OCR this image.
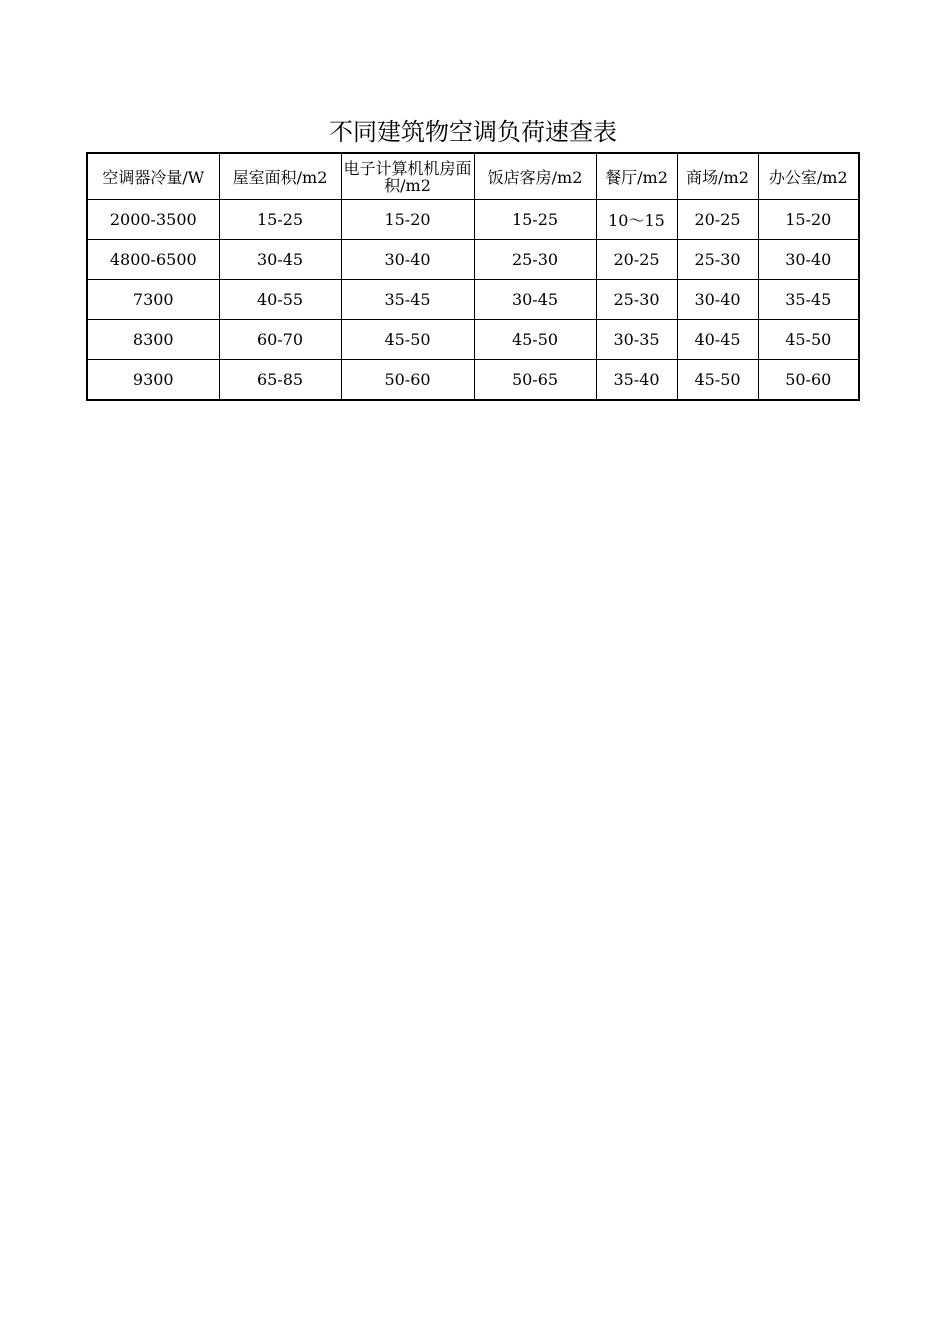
不同建筑物空调负荷速查表
空调器冷量/W	屋室面积/m2	电子计算机机房面积/m2	饭店客房/m2	餐厅/m2	商场/m2	办公室/m2
2000-3500	15-25	15-20	15-25	10～15	20-25	15-20
4800-6500	30-45	30-40	25-30	20-25	25-30	30-40
7300	40-55	35-45	30-45	25-30	30-40	35-45
8300	60-70	45-50	45-50	30-35	40-45	45-50
9300	65-85	50-60	50-65	35-40	45-50	50-60
